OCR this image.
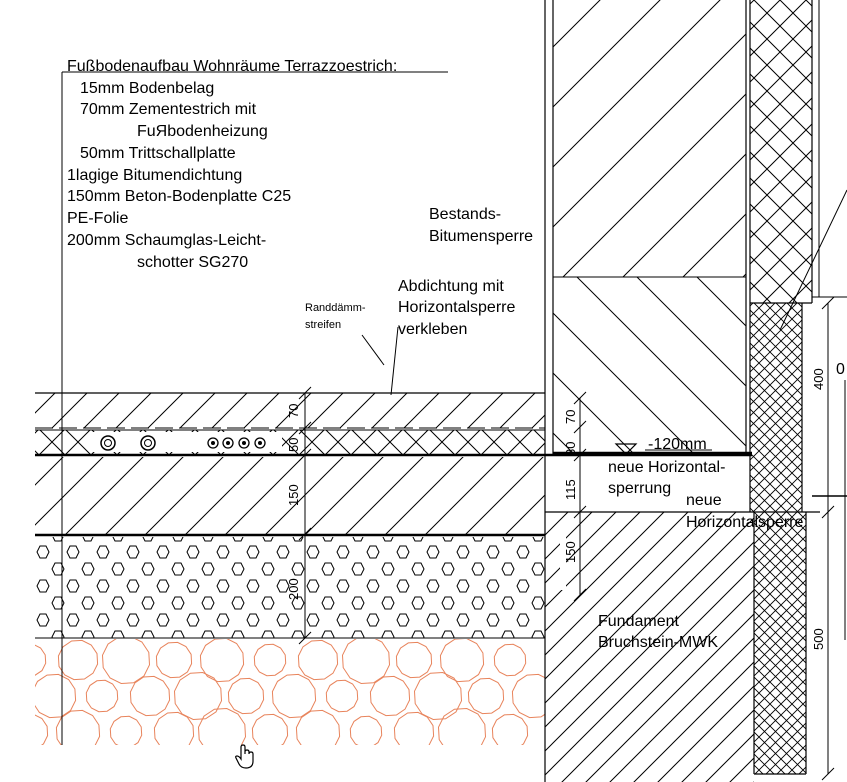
Fußbodenaufbau Wohnräume Terrazzoestrich:
15mm Bodenbelag
70mm Zementestrich mit
FuЯbodenheizung
50mm Trittschallplatte
1lagige Bitumendichtung
150mm Beton-Bodenplatte C25
PE-Folie
200mm Schaumglas-Leicht-
schotter SG270
Bestands-
Bitumensperre
Abdichtung mit
Horizontalsperre
verkleben
Randdämm-
streifen
-120mm
neue Horizontal-
sperrung
neue
Horizontalsperre
Fundament
Bruchstein-MWK
0
70
50
150
200
70
30
115
150
400
500
